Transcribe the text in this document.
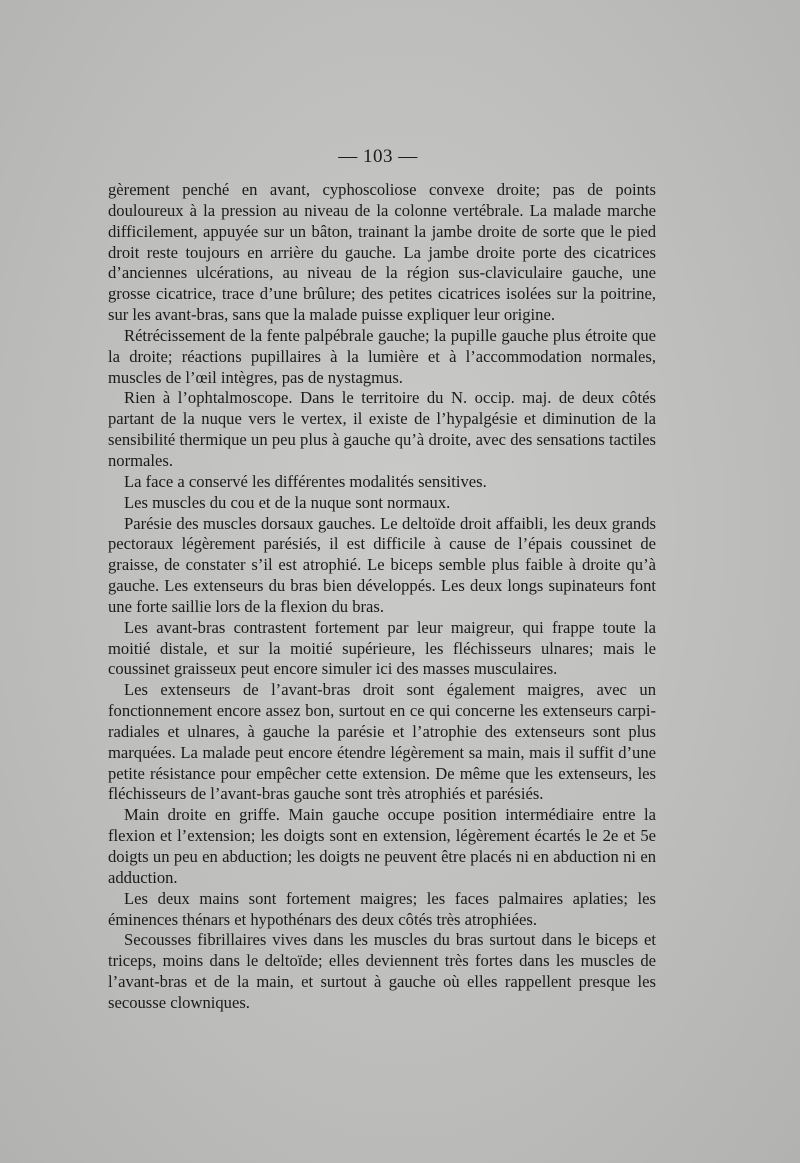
— 103 —

gèrement penché en avant, cyphoscoliose convexe droite; pas de points douloureux à la pression au niveau de la colonne vertébrale. La malade marche difficilement, appuyée sur un bâton, trainant la jambe droite de sorte que le pied droit reste toujours en arrière du gauche. La jambe droite porte des cicatrices d’anciennes ulcérations, au niveau de la région sus-claviculaire gauche, une grosse cicatrice, trace d’une brûlure; des petites cicatrices isolées sur la poitrine, sur les avant-bras, sans que la malade puisse expliquer leur origine.

Rétrécissement de la fente palpébrale gauche; la pupille gauche plus étroite que la droite; réactions pupillaires à la lumière et à l’accommodation normales, muscles de l’œil intègres, pas de nystagmus.

Rien à l’ophtalmoscope. Dans le territoire du N. occip. maj. de deux côtés partant de la nuque vers le vertex, il existe de l’hypalgésie et diminution de la sensibilité thermique un peu plus à gauche qu’à droite, avec des sensations tactiles normales.

La face a conservé les différentes modalités sensitives.

Les muscles du cou et de la nuque sont normaux.

Parésie des muscles dorsaux gauches. Le deltoïde droit affaibli, les deux grands pectoraux légèrement parésiés, il est difficile à cause de l’épais coussinet de graisse, de constater s’il est atrophié. Le biceps semble plus faible à droite qu’à gauche. Les extenseurs du bras bien développés. Les deux longs supinateurs font une forte saillie lors de la flexion du bras.

Les avant-bras contrastent fortement par leur maigreur, qui frappe toute la moitié distale, et sur la moitié supérieure, les fléchisseurs ulnares; mais le coussinet graisseux peut encore simuler ici des masses musculaires.

Les extenseurs de l’avant-bras droit sont également maigres, avec un fonctionnement encore assez bon, surtout en ce qui concerne les extenseurs carpi-radiales et ulnares, à gauche la parésie et l’atrophie des extenseurs sont plus marquées. La malade peut encore étendre légèrement sa main, mais il suffit d’une petite résistance pour empêcher cette extension. De même que les extenseurs, les fléchisseurs de l’avant-bras gauche sont très atrophiés et parésiés.

Main droite en griffe. Main gauche occupe position intermédiaire entre la flexion et l’extension; les doigts sont en extension, légèrement écartés le 2e et 5e doigts un peu en abduction; les doigts ne peuvent être placés ni en abduction ni en adduction.

Les deux mains sont fortement maigres; les faces palmaires aplaties; les éminences thénars et hypothénars des deux côtés très atrophiées.

Secousses fibrillaires vives dans les muscles du bras surtout dans le biceps et triceps, moins dans le deltoïde; elles deviennent très fortes dans les muscles de l’avant-bras et de la main, et surtout à gauche où elles rappellent presque les secousse clowniques.
